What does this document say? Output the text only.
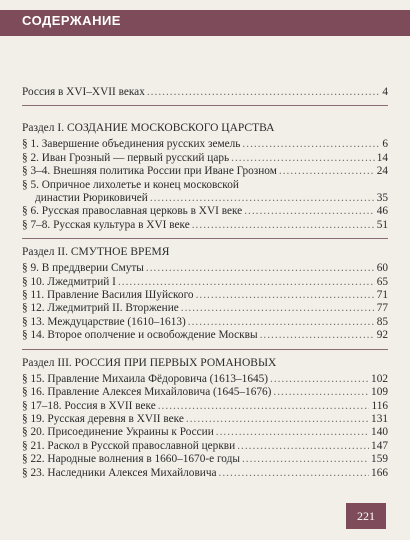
СОДЕРЖАНИЕ
Россия в XVI–XVII веках .....	4
Раздел I. СОЗДАНИЕ МОСКОВСКОГО ЦАРСТВА
§ 1. Завершение объединения русских земель .....	6
§ 2. Иван Грозный — первый русский царь .....	14
§ 3–4. Внешняя политика России при Иване Грозном .....	24
§ 5. Опричное лихолетье и конец московской
династии Рюриковичей .....	35
§ 6. Русская православная церковь в XVI веке .....	46
§ 7–8. Русская культура в XVI веке .....	51
Раздел II. СМУТНОЕ ВРЕМЯ
§ 9. В преддверии Смуты .....	60
§ 10. Лжедмитрий I .....	65
§ 11. Правление Василия Шуйского .....	71
§ 12. Лжедмитрий II. Вторжение .....	77
§ 13. Междуцарствие (1610–1613) .....	85
§ 14. Второе ополчение и освобождение Москвы .....	92
Раздел III. РОССИЯ ПРИ ПЕРВЫХ РОМАНОВЫХ
§ 15. Правление Михаила Фёдоровича (1613–1645) .....	102
§ 16. Правление Алексея Михайловича (1645–1676) .....	109
§ 17–18. Россия в XVII веке .....	116
§ 19. Русская деревня в XVII веке .....	131
§ 20. Присоединение Украины к России .....	140
§ 21. Раскол в Русской православной церкви .....	147
§ 22. Народные волнения в 1660–1670-е годы .....	159
§ 23. Наследники Алексея Михайловича .....	166
221
